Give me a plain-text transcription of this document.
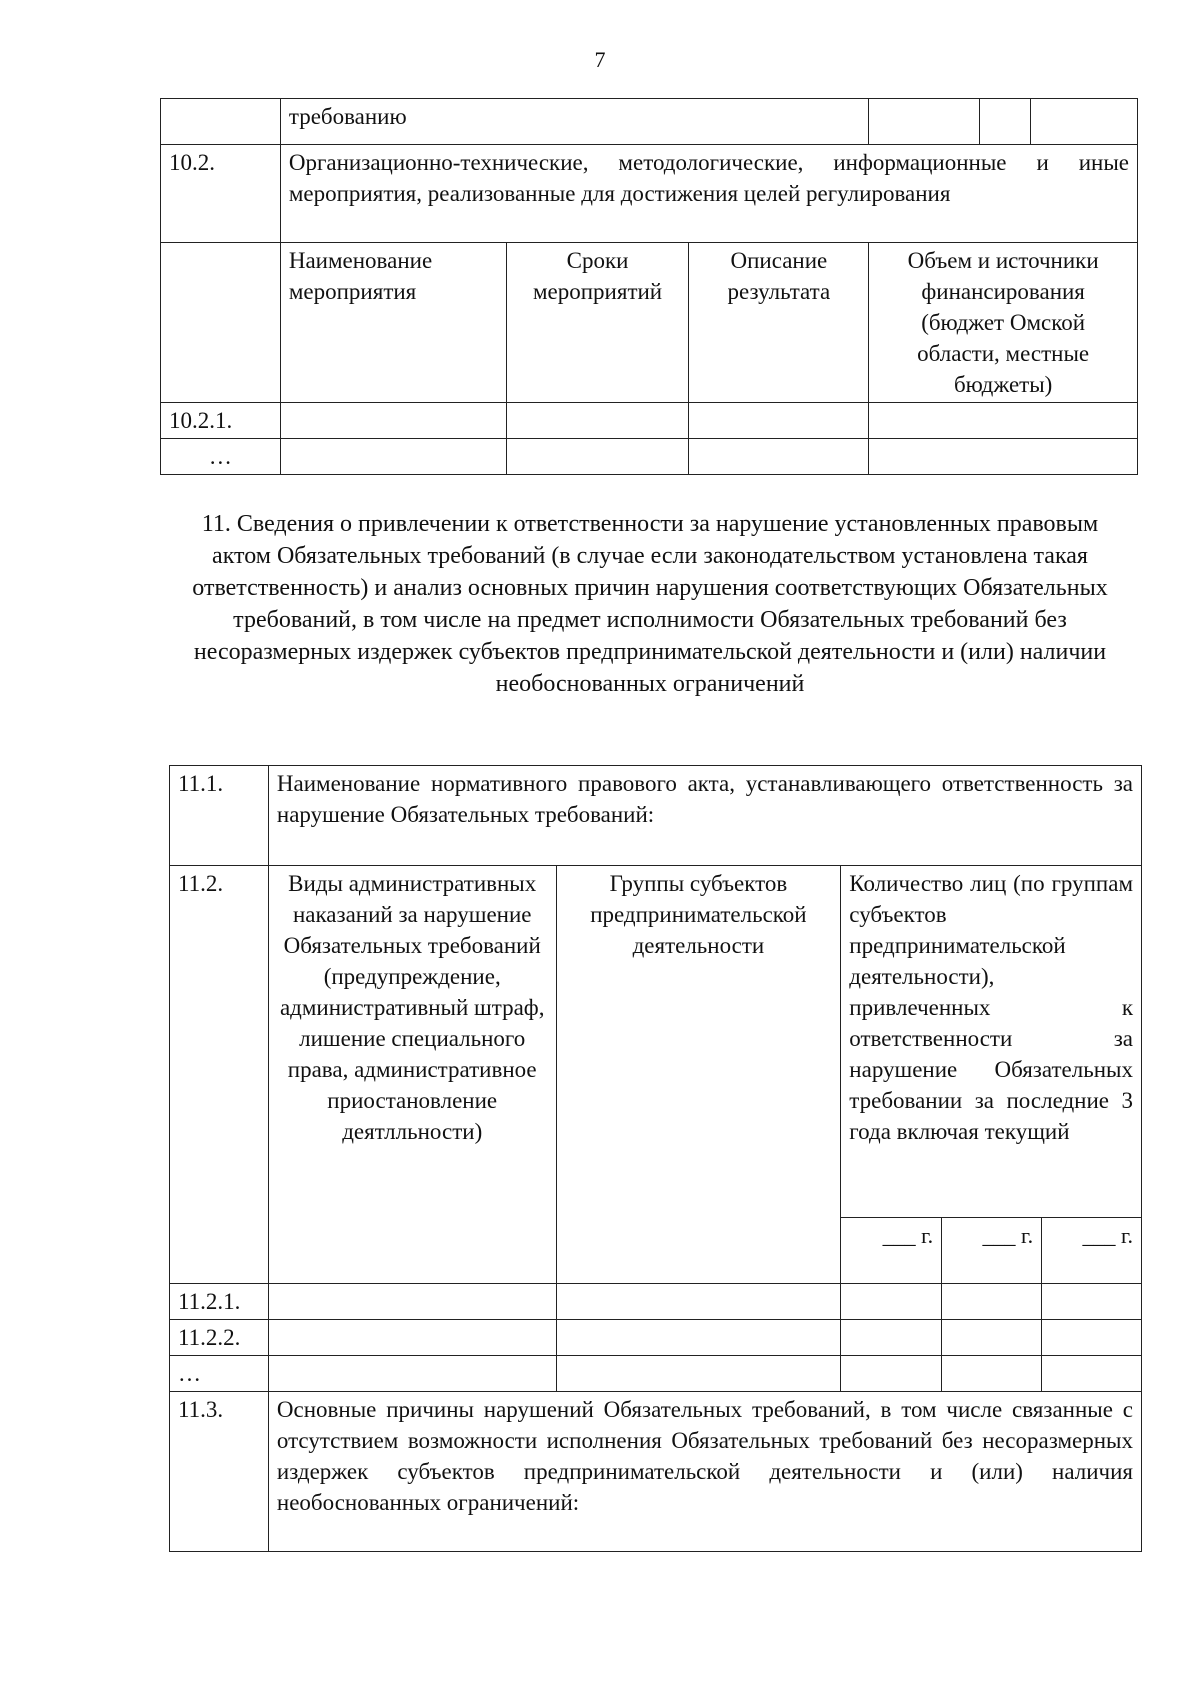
7
	требованию					
10.2.	Организационно-технические, методологические, информационные и иные мероприятия, реализованные для достижения целей регулирования					
	Наименование мероприятия	Сроки мероприятий	Описание результата	Объем и источники финансирования (бюджет Омской области, местные бюджеты)		
10.2.1.						
…						
11. Сведения о привлечении к ответственности за нарушение установленных правовым актом Обязательных требований (в случае если законодательством установлена такая ответственность) и анализ основных причин нарушения соответствующих Обязательных требований, в том числе на предмет исполнимости Обязательных требований без несоразмерных издержек субъектов предпринимательской деятельности и (или) наличии необоснованных ограничений
11.1.	Наименование нормативного правового акта, устанавливающего ответственность за нарушение Обязательных требований:				
11.2.	Виды административных наказаний за нарушение Обязательных требований (предупреждение, административный штраф, лишение специального права, административное приостановление деятлльности)	Группы субъектов предпринимательской деятельности	Количество лиц (по группам субъектов предпринимательской деятельности), привлеченных к ответственности за нарушение Обязательных требовании за последние 3 года включая текущий		
			___ г.	___ г.	___ г.
11.2.1.					
11.2.2.					
…					
11.3.	Основные причины нарушений Обязательных требований, в том числе связанные с отсутствием возможности исполнения Обязательных требований без несоразмерных издержек субъектов предпринимательской деятельности и (или) наличия необоснованных ограничений:				
